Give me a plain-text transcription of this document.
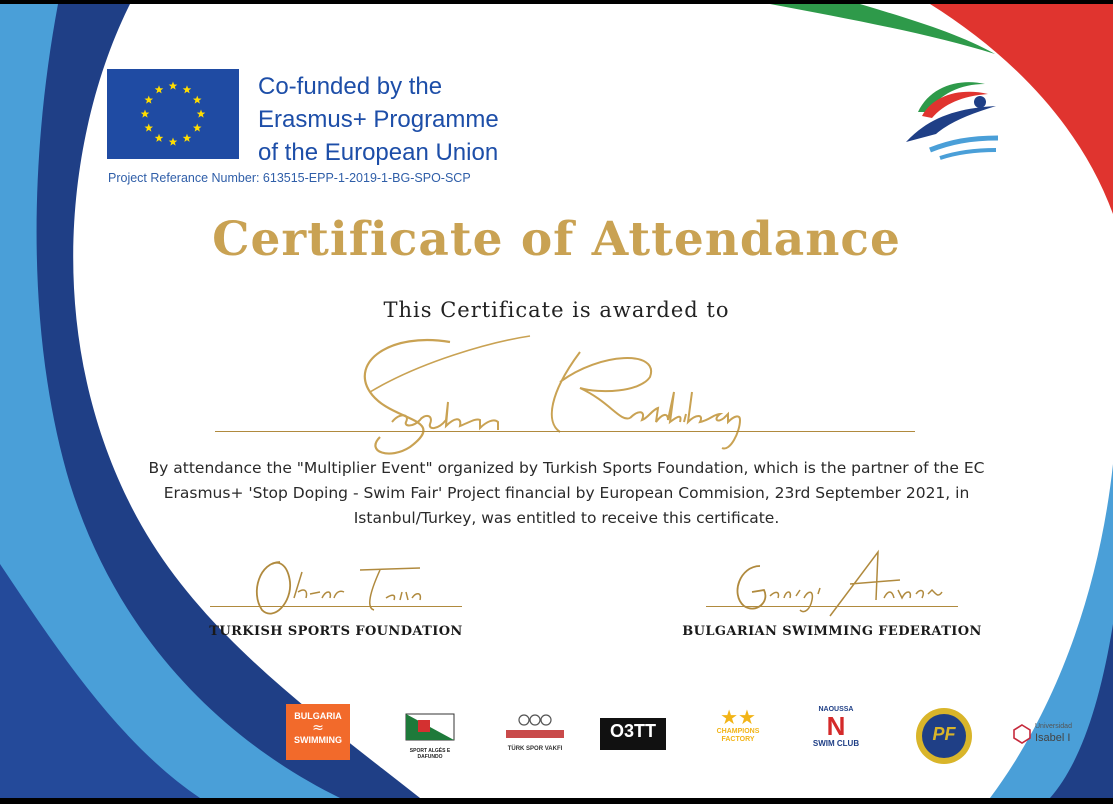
Co-funded by the
Erasmus+ Programme
of the European Union
Project Referance Number: 613515-EPP-1-2019-1-BG-SPO-SCP
Certificate of Attendance
This Certificate is awarded to
Seckin Renklibay
By attendance the "Multiplier Event" organized by Turkish Sports Foundation, which is the partner of the EC Erasmus+ 'Stop Doping - Swim Fair' Project financial by European Commision, 23rd September 2021, in Istanbul/Turkey, was entitled to receive this certificate.
Oktar Tertemiz
TURKISH SPORTS FOUNDATION
Georgi Avramchev
BULGARIAN SWIMMING FEDERATION
BULGARIA
≈
SWIMMING
SPORT ALGÉS E DAFUNDO
TÜRK SPOR VAKFI
O3TT
★★
CHAMPIONS
FACTORY
NAOUSSA
N
SWIM CLUB	PF	Universidad
Isabel I
